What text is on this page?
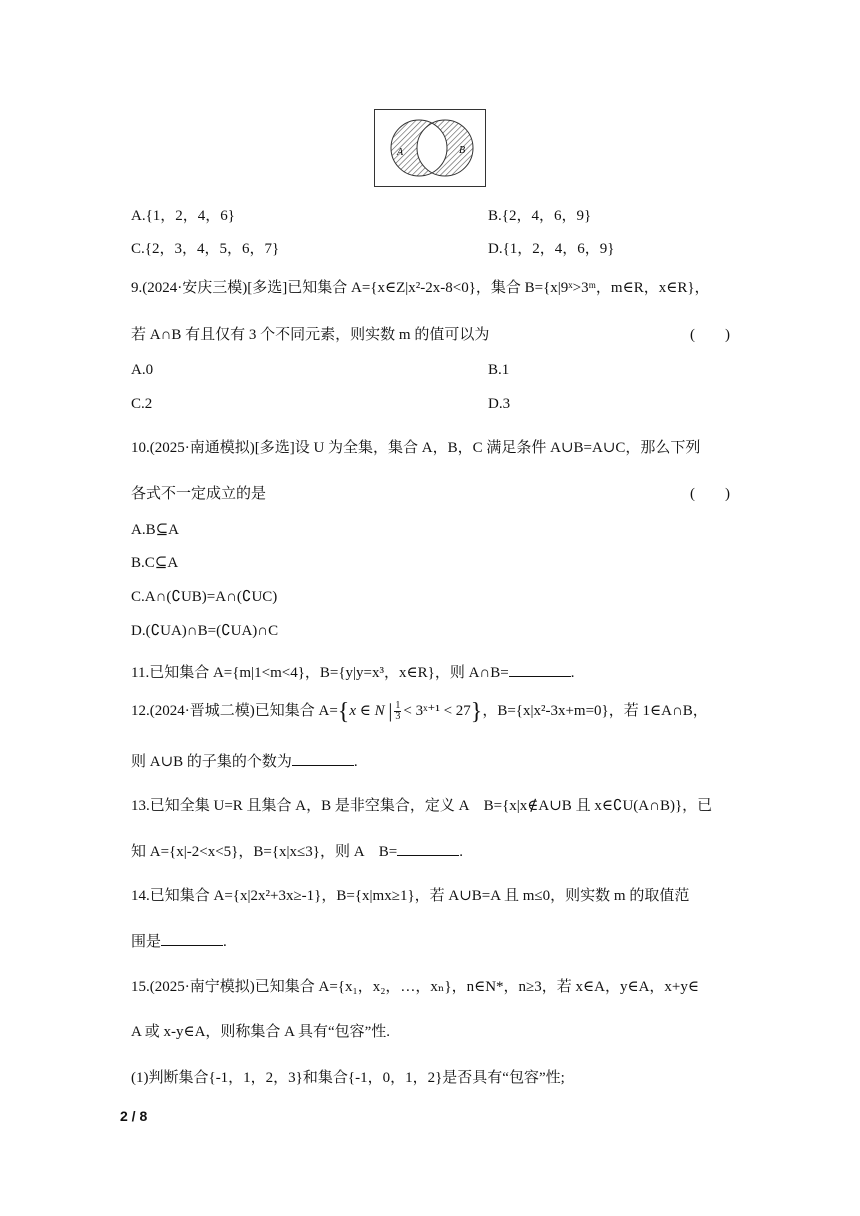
A	B
A.{1，2，4，6}	B.{2，4，6，9}
C.{2，3，4，5，6，7}	D.{1，2，4，6，9}
9.(2024·安庆三模)[多选]已知集合 A={x∈Z|x²-2x-8<0}，集合 B={x|9ˣ>3ᵐ，m∈R，x∈R}，
若 A∩B 有且仅有 3 个不同元素，则实数 m 的值可以为	(　　)
A.0	B.1
C.2	D.3
10.(2025·南通模拟)[多选]设 U 为全集，集合 A，B，C 满足条件 A∪B=A∪C，那么下列
各式不一定成立的是	(　　)
A.B⊆A
B.C⊆A
C.A∩(∁UB)=A∩(∁UC)
D.(∁UA)∩B=(∁UA)∩C
11.已知集合 A={m|1<m<4}，B={y|y=x³，x∈R}，则 A∩B=	.
12.(2024·晋城二模)已知集合 A={x ∈ N | $\frac{1}{3}$ < 3ˣ⁺¹ < 27}，B={x|x²-3x+m=0}，若 1∈A∩B，
则 A∪B 的子集的个数为	.
13.已知全集 U=R 且集合 A，B 是非空集合，定义 A　B={x|x∉A∪B 且 x∈∁U(A∩B)}，已
知 A={x|-2<x<5}，B={x|x≤3}，则 A　B=	.
14.已知集合 A={x|2x²+3x≥-1}，B={x|mx≥1}，若 A∪B=A 且 m≤0，则实数 m 的取值范
围是	.
15.(2025·南宁模拟)已知集合 A={x₁，x₂，…，xₙ}，n∈N*，n≥3，若 x∈A，y∈A，x+y∈
A 或 x-y∈A，则称集合 A 具有“包容”性.
(1)判断集合{-1，1，2，3}和集合{-1，0，1，2}是否具有“包容”性;
2 / 8
